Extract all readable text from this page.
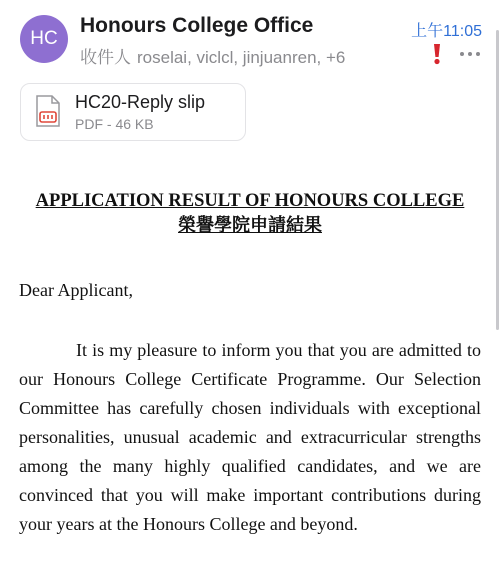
HC
Honours College Office	上午11:05
收件人 roselai, viclcl, jinjuanren, +6
HC20-Reply slip
PDF - 46 KB
APPLICATION RESULT OF HONOURS COLLEGE
榮譽學院申請結果
Dear Applicant,
It is my pleasure to inform you that you are admitted to our Honours College Certificate Programme. Our Selection Committee has carefully chosen individuals with exceptional personalities, unusual academic and extracurricular strengths among the many highly qualified candidates, and we are convinced that you will make important contributions during your years at the Honours College and beyond.
